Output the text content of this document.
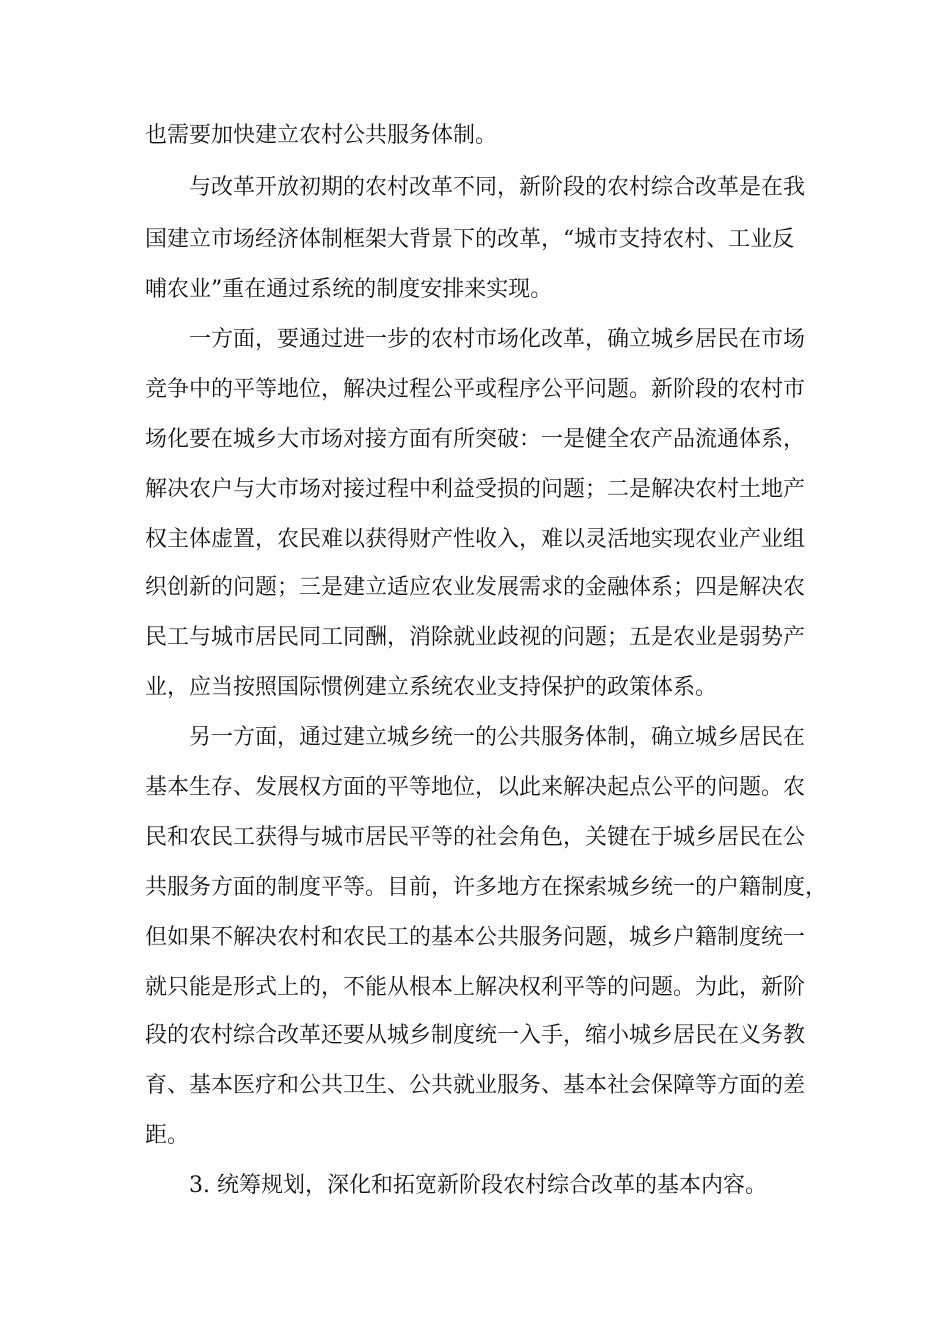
也需要加快建立农村公共服务体制。
与改革开放初期的农村改革不同，新阶段的农村综合改革是在我
国建立市场经济体制框架大背景下的改革，“城市支持农村、工业反
哺农业”重在通过系统的制度安排来实现。
一方面，要通过进一步的农村市场化改革，确立城乡居民在市场
竞争中的平等地位，解决过程公平或程序公平问题。新阶段的农村市
场化要在城乡大市场对接方面有所突破：一是健全农产品流通体系，
解决农户与大市场对接过程中利益受损的问题；二是解决农村土地产
权主体虚置，农民难以获得财产性收入，难以灵活地实现农业产业组
织创新的问题；三是建立适应农业发展需求的金融体系；四是解决农
民工与城市居民同工同酬，消除就业歧视的问题；五是农业是弱势产
业，应当按照国际惯例建立系统农业支持保护的政策体系。
另一方面，通过建立城乡统一的公共服务体制，确立城乡居民在
基本生存、发展权方面的平等地位，以此来解决起点公平的问题。农
民和农民工获得与城市居民平等的社会角色，关键在于城乡居民在公
共服务方面的制度平等。目前，许多地方在探索城乡统一的户籍制度，
但如果不解决农村和农民工的基本公共服务问题，城乡户籍制度统一
就只能是形式上的，不能从根本上解决权利平等的问题。为此，新阶
段的农村综合改革还要从城乡制度统一入手，缩小城乡居民在义务教
育、基本医疗和公共卫生、公共就业服务、基本社会保障等方面的差
距。
3. 统筹规划，深化和拓宽新阶段农村综合改革的基本内容。
